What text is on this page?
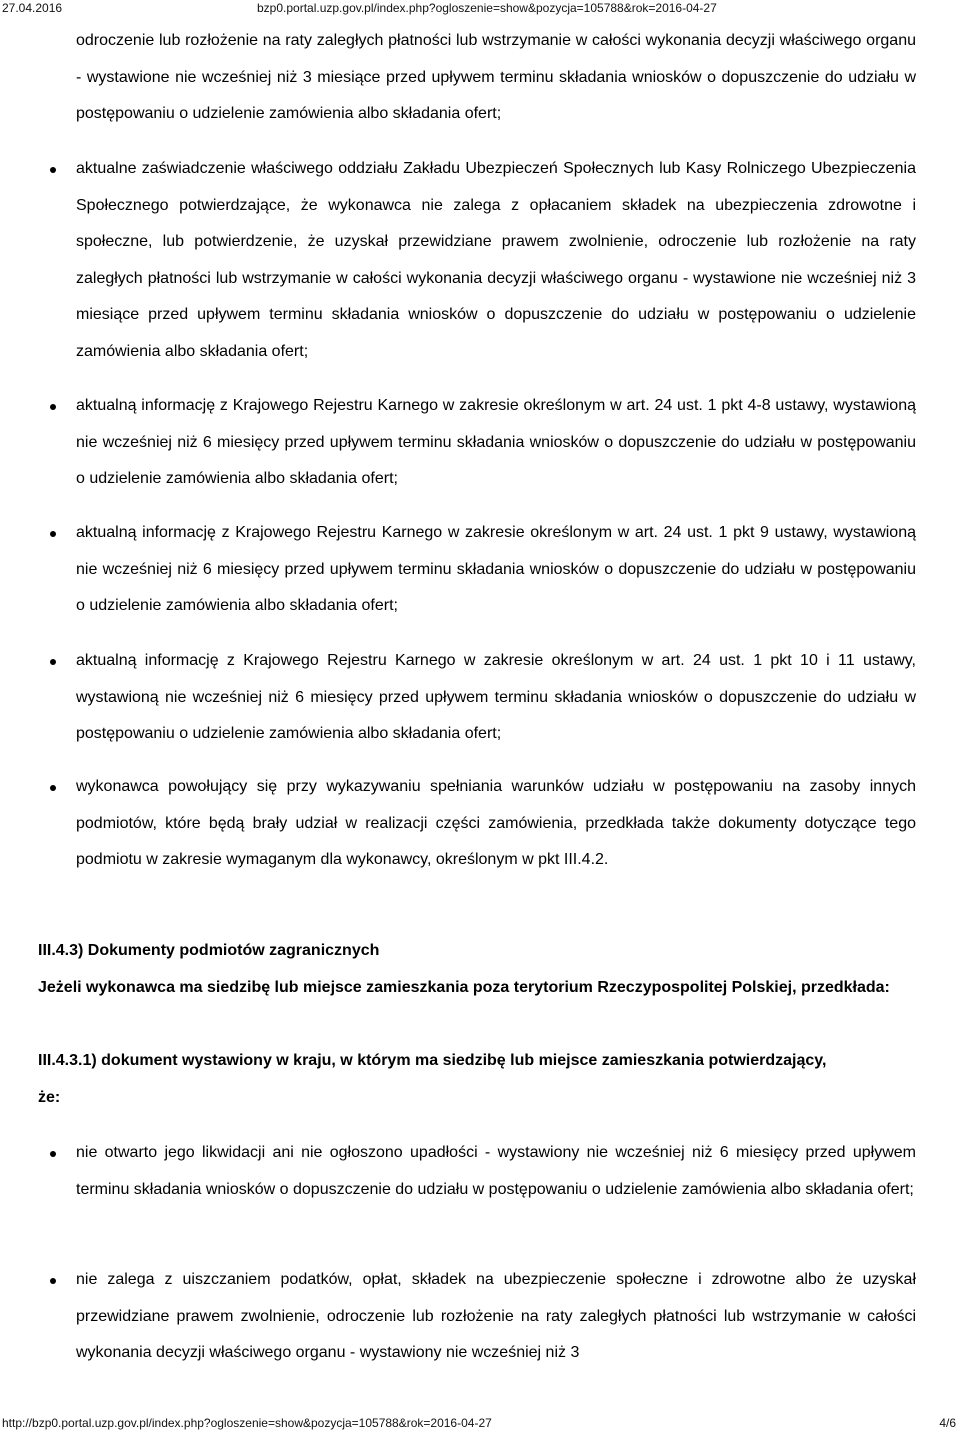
27.04.2016	bzp0.portal.uzp.gov.pl/index.php?ogloszenie=show&pozycja=105788&rok=2016-04-27

odroczenie lub rozłożenie na raty zaległych płatności lub wstrzymanie w całości wykonania decyzji właściwego organu - wystawione nie wcześniej niż 3 miesiące przed upływem terminu składania wniosków o dopuszczenie do udziału w postępowaniu o udzielenie zamówienia albo składania ofert;

aktualne zaświadczenie właściwego oddziału Zakładu Ubezpieczeń Społecznych lub Kasy Rolniczego Ubezpieczenia Społecznego potwierdzające, że wykonawca nie zalega z opłacaniem składek na ubezpieczenia zdrowotne i społeczne, lub potwierdzenie, że uzyskał przewidziane prawem zwolnienie, odroczenie lub rozłożenie na raty zaległych płatności lub wstrzymanie w całości wykonania decyzji właściwego organu - wystawione nie wcześniej niż 3 miesiące przed upływem terminu składania wniosków o dopuszczenie do udziału w postępowaniu o udzielenie zamówienia albo składania ofert;
aktualną informację z Krajowego Rejestru Karnego w zakresie określonym w art. 24 ust. 1 pkt 4-8 ustawy, wystawioną nie wcześniej niż 6 miesięcy przed upływem terminu składania wniosków o dopuszczenie do udziału w postępowaniu o udzielenie zamówienia albo składania ofert;
aktualną informację z Krajowego Rejestru Karnego w zakresie określonym w art. 24 ust. 1 pkt 9 ustawy, wystawioną nie wcześniej niż 6 miesięcy przed upływem terminu składania wniosków o dopuszczenie do udziału w postępowaniu o udzielenie zamówienia albo składania ofert;
aktualną informację z Krajowego Rejestru Karnego w zakresie określonym w art. 24 ust. 1 pkt 10 i 11 ustawy, wystawioną nie wcześniej niż 6 miesięcy przed upływem terminu składania wniosków o dopuszczenie do udziału w postępowaniu o udzielenie zamówienia albo składania ofert;
wykonawca powołujący się przy wykazywaniu spełniania warunków udziału w postępowaniu na zasoby innych podmiotów, które będą brały udział w realizacji części zamówienia, przedkłada także dokumenty dotyczące tego podmiotu w zakresie wymaganym dla wykonawcy, określonym w pkt III.4.2.

III.4.3) Dokumenty podmiotów zagranicznych

Jeżeli wykonawca ma siedzibę lub miejsce zamieszkania poza terytorium Rzeczypospolitej Polskiej, przedkłada:

III.4.3.1) dokument wystawiony w kraju, w którym ma siedzibę lub miejsce zamieszkania potwierdzający, że:

nie otwarto jego likwidacji ani nie ogłoszono upadłości - wystawiony nie wcześniej niż 6 miesięcy przed upływem terminu składania wniosków o dopuszczenie do udziału w postępowaniu o udzielenie zamówienia albo składania ofert;
nie zalega z uiszczaniem podatków, opłat, składek na ubezpieczenie społeczne i zdrowotne albo że uzyskał przewidziane prawem zwolnienie, odroczenie lub rozłożenie na raty zaległych płatności lub wstrzymanie w całości wykonania decyzji właściwego organu - wystawiony nie wcześniej niż 3
http://bzp0.portal.uzp.gov.pl/index.php?ogloszenie=show&pozycja=105788&rok=2016-04-27	4/6
